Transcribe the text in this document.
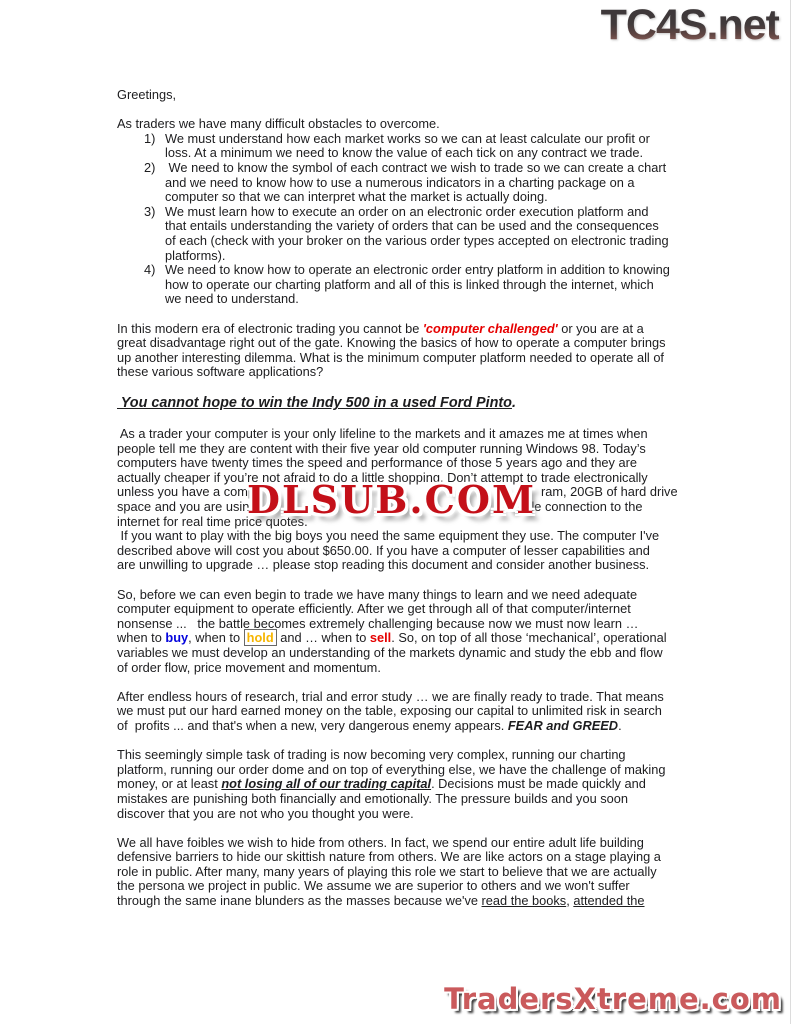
TC4S.net
Greetings,
As traders we have many difficult obstacles to overcome.
1) We must understand how each market works so we can at least calculate our profit or
loss. At a minimum we need to know the value of each tick on any contract we trade.
2) We need to know the symbol of each contract we wish to trade so we can create a chart
and we need to know how to use a numerous indicators in a charting package on a
computer so that we can interpret what the market is actually doing.
3) We must learn how to execute an order on an electronic order execution platform and
that entails understanding the variety of orders that can be used and the consequences
of each (check with your broker on the various order types accepted on electronic trading
platforms).
4) We need to know how to operate an electronic order entry platform in addition to knowing
how to operate our charting platform and all of this is linked through the internet, which
we need to understand.
In this modern era of electronic trading you cannot be 'computer challenged' or you are at a
great disadvantage right out of the gate. Knowing the basics of how to operate a computer brings
up another interesting dilemma. What is the minimum computer platform needed to operate all of
these various software applications?
You cannot hope to win the Indy 500 in a used Ford Pinto.
DLSUB.COM
As a trader your computer is your only lifeline to the markets and it amazes me at times when
people tell me they are content with their five year old computer running Windows 98. Today’s
computers have twenty times the speed and performance of those 5 years ago and they are
actually cheaper if you’re not afraid to do a little shopping. Don’t attempt to trade electronically
unless you have a comp	ram, 20GB of hard drive
space and you are using	le connection to the
internet for real time price quotes.
If you want to play with the big boys you need the same equipment they use. The computer I've
described above will cost you about $650.00. If you have a computer of lesser capabilities and
are unwilling to upgrade … please stop reading this document and consider another business.
So, before we can even begin to trade we have many things to learn and we need adequate
computer equipment to operate efficiently. After we get through all of that computer/internet
nonsense ...   the battle becomes extremely challenging because now we must now learn …
when to buy, when to hold and … when to sell. So, on top of all those ‘mechanical’, operational
variables we must develop an understanding of the markets dynamic and study the ebb and flow
of order flow, price movement and momentum.
After endless hours of research, trial and error study … we are finally ready to trade. That means
we must put our hard earned money on the table, exposing our capital to unlimited risk in search
of  profits ... and that's when a new, very dangerous enemy appears. FEAR and GREED.
This seemingly simple task of trading is now becoming very complex, running our charting
platform, running our order dome and on top of everything else, we have the challenge of making
money, or at least not losing all of our trading capital. Decisions must be made quickly and
mistakes are punishing both financially and emotionally. The pressure builds and you soon
discover that you are not who you thought you were.
We all have foibles we wish to hide from others. In fact, we spend our entire adult life building
defensive barriers to hide our skittish nature from others. We are like actors on a stage playing a
role in public. After many, many years of playing this role we start to believe that we are actually
the persona we project in public. We assume we are superior to others and we won't suffer
through the same inane blunders as the masses because we've read the books, attended the
TradersXtreme.com
